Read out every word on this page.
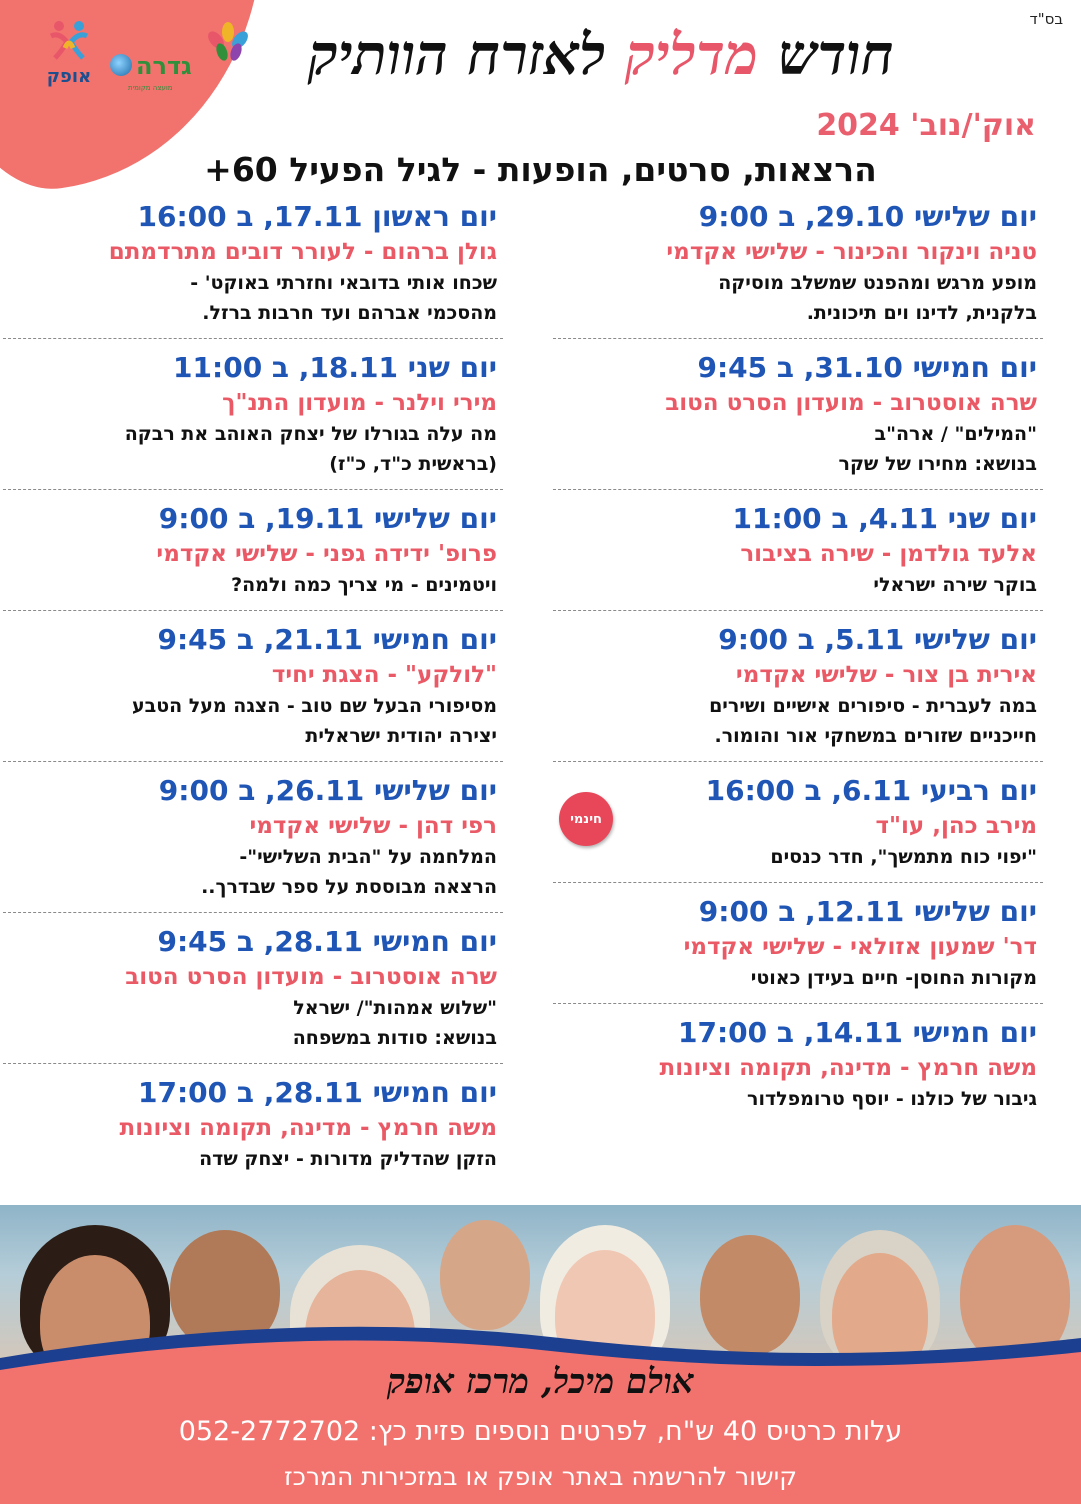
אופק	גדרה
מועצה מקומית
בס"ד
חודש מדליק לאזרח הוותיק
אוק'/נוב' 2024
הרצאות, סרטים, הופעות - לגיל הפעיל 60+
יום שלישי 29.10, ב 9:00
טניה וינקור והכינור - שלישי אקדמי
מופע מרגש ומהפנט שמשלב מוסיקה
בלקנית, לדינו וים תיכונית.
יום חמישי 31.10, ב 9:45
שרה אוסטרוב - מועדון הסרט הטוב
"המילים" / ארה"ב
בנושא: מחירו של שקר
יום שני 4.11, ב 11:00
אלעד גולדמן - שירה בציבור
בוקר שירה ישראלי
יום שלישי 5.11, ב 9:00
אירית בן צור - שלישי אקדמי
במה לעברית - סיפורים אישיים ושירים
חייכניים שזורים במשחקי אור והומור.
יום רביעי 6.11, ב 16:00
מירב כהן, עו"ד
"יפוי כוח מתמשך", חדר כנסים
חינמי
יום שלישי 12.11, ב 9:00
דר' שמעון אזולאי - שלישי אקדמי
מקורות החוסן- חיים בעידן כאוטי
יום חמישי 14.11, ב 17:00
משה חרמץ - מדינה, תקומה וציונות
גיבור של כולנו - יוסף טרומפלדור
יום ראשון 17.11, ב 16:00
גולן ברהום - לעורר דובים מתרדמתם
שכחו אותי בדובאי וחזרתי באוקט' -
מהסכמי אברהם ועד חרבות ברזל.
יום שני 18.11, ב 11:00
מירי וילנר - מועדון התנ"ך
מה עלה בגורלו של יצחק האוהב את רבקה
(בראשית כ"ד, כ"ז)
יום שלישי 19.11, ב 9:00
פרופ' ידידה גפני - שלישי אקדמי
ויטמינים - מי צריך כמה ולמה?
יום חמישי 21.11, ב 9:45
"לולקע" - הצגת יחיד
מסיפורי הבעל שם טוב - הצגה מעל הטבע
יצירה יהודית ישראלית
יום שלישי 26.11, ב 9:00
רפי דהן - שלישי אקדמי
המלחמה על "הבית השלישי"-
הרצאה מבוססת על ספר שבדרך..
יום חמישי 28.11, ב 9:45
שרה אוסטרוב - מועדון הסרט הטוב
"שלוש אמהות"/ ישראל
בנושא: סודות במשפחה
יום חמישי 28.11, ב 17:00
משה חרמץ - מדינה, תקומה וציונות
הזקן שהדליק מדורות - יצחק שדה
אולם מיכל, מרכז אופק
עלות כרטיס 40 ש"ח, לפרטים נוספים פזית כץ: 052-2772702
קישור להרשמה באתר אופק או במזכירות המרכז
